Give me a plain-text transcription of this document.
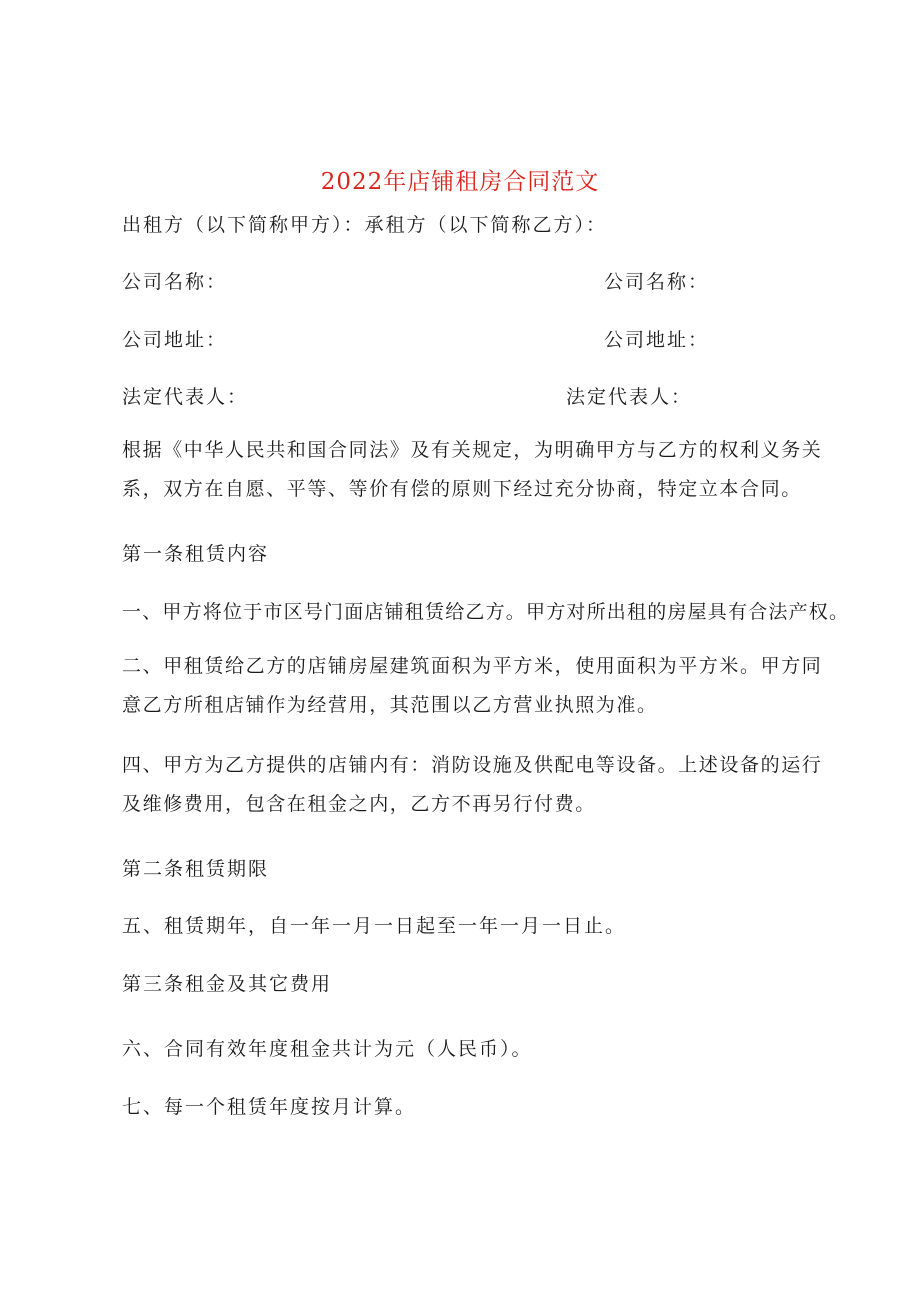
2022年店铺租房合同范文
出租方（以下简称甲方）：承租方（以下简称乙方）：
公司名称：	公司名称：
公司地址：	公司地址：
法定代表人：	法定代表人：
根据《中华人民共和国合同法》及有关规定，为明确甲方与乙方的权利义务关系，双方在自愿、平等、等价有偿的原则下经过充分协商，特定立本合同。
第一条租赁内容
一、甲方将位于市区号门面店铺租赁给乙方。甲方对所出租的房屋具有合法产权。
二、甲租赁给乙方的店铺房屋建筑面积为平方米，使用面积为平方米。甲方同意乙方所租店铺作为经营用，其范围以乙方营业执照为准。
四、甲方为乙方提供的店铺内有：消防设施及供配电等设备。上述设备的运行及维修费用，包含在租金之内，乙方不再另行付费。
第二条租赁期限
五、租赁期年，自一年一月一日起至一年一月一日止。
第三条租金及其它费用
六、合同有效年度租金共计为元（人民币）。
七、每一个租赁年度按月计算。
